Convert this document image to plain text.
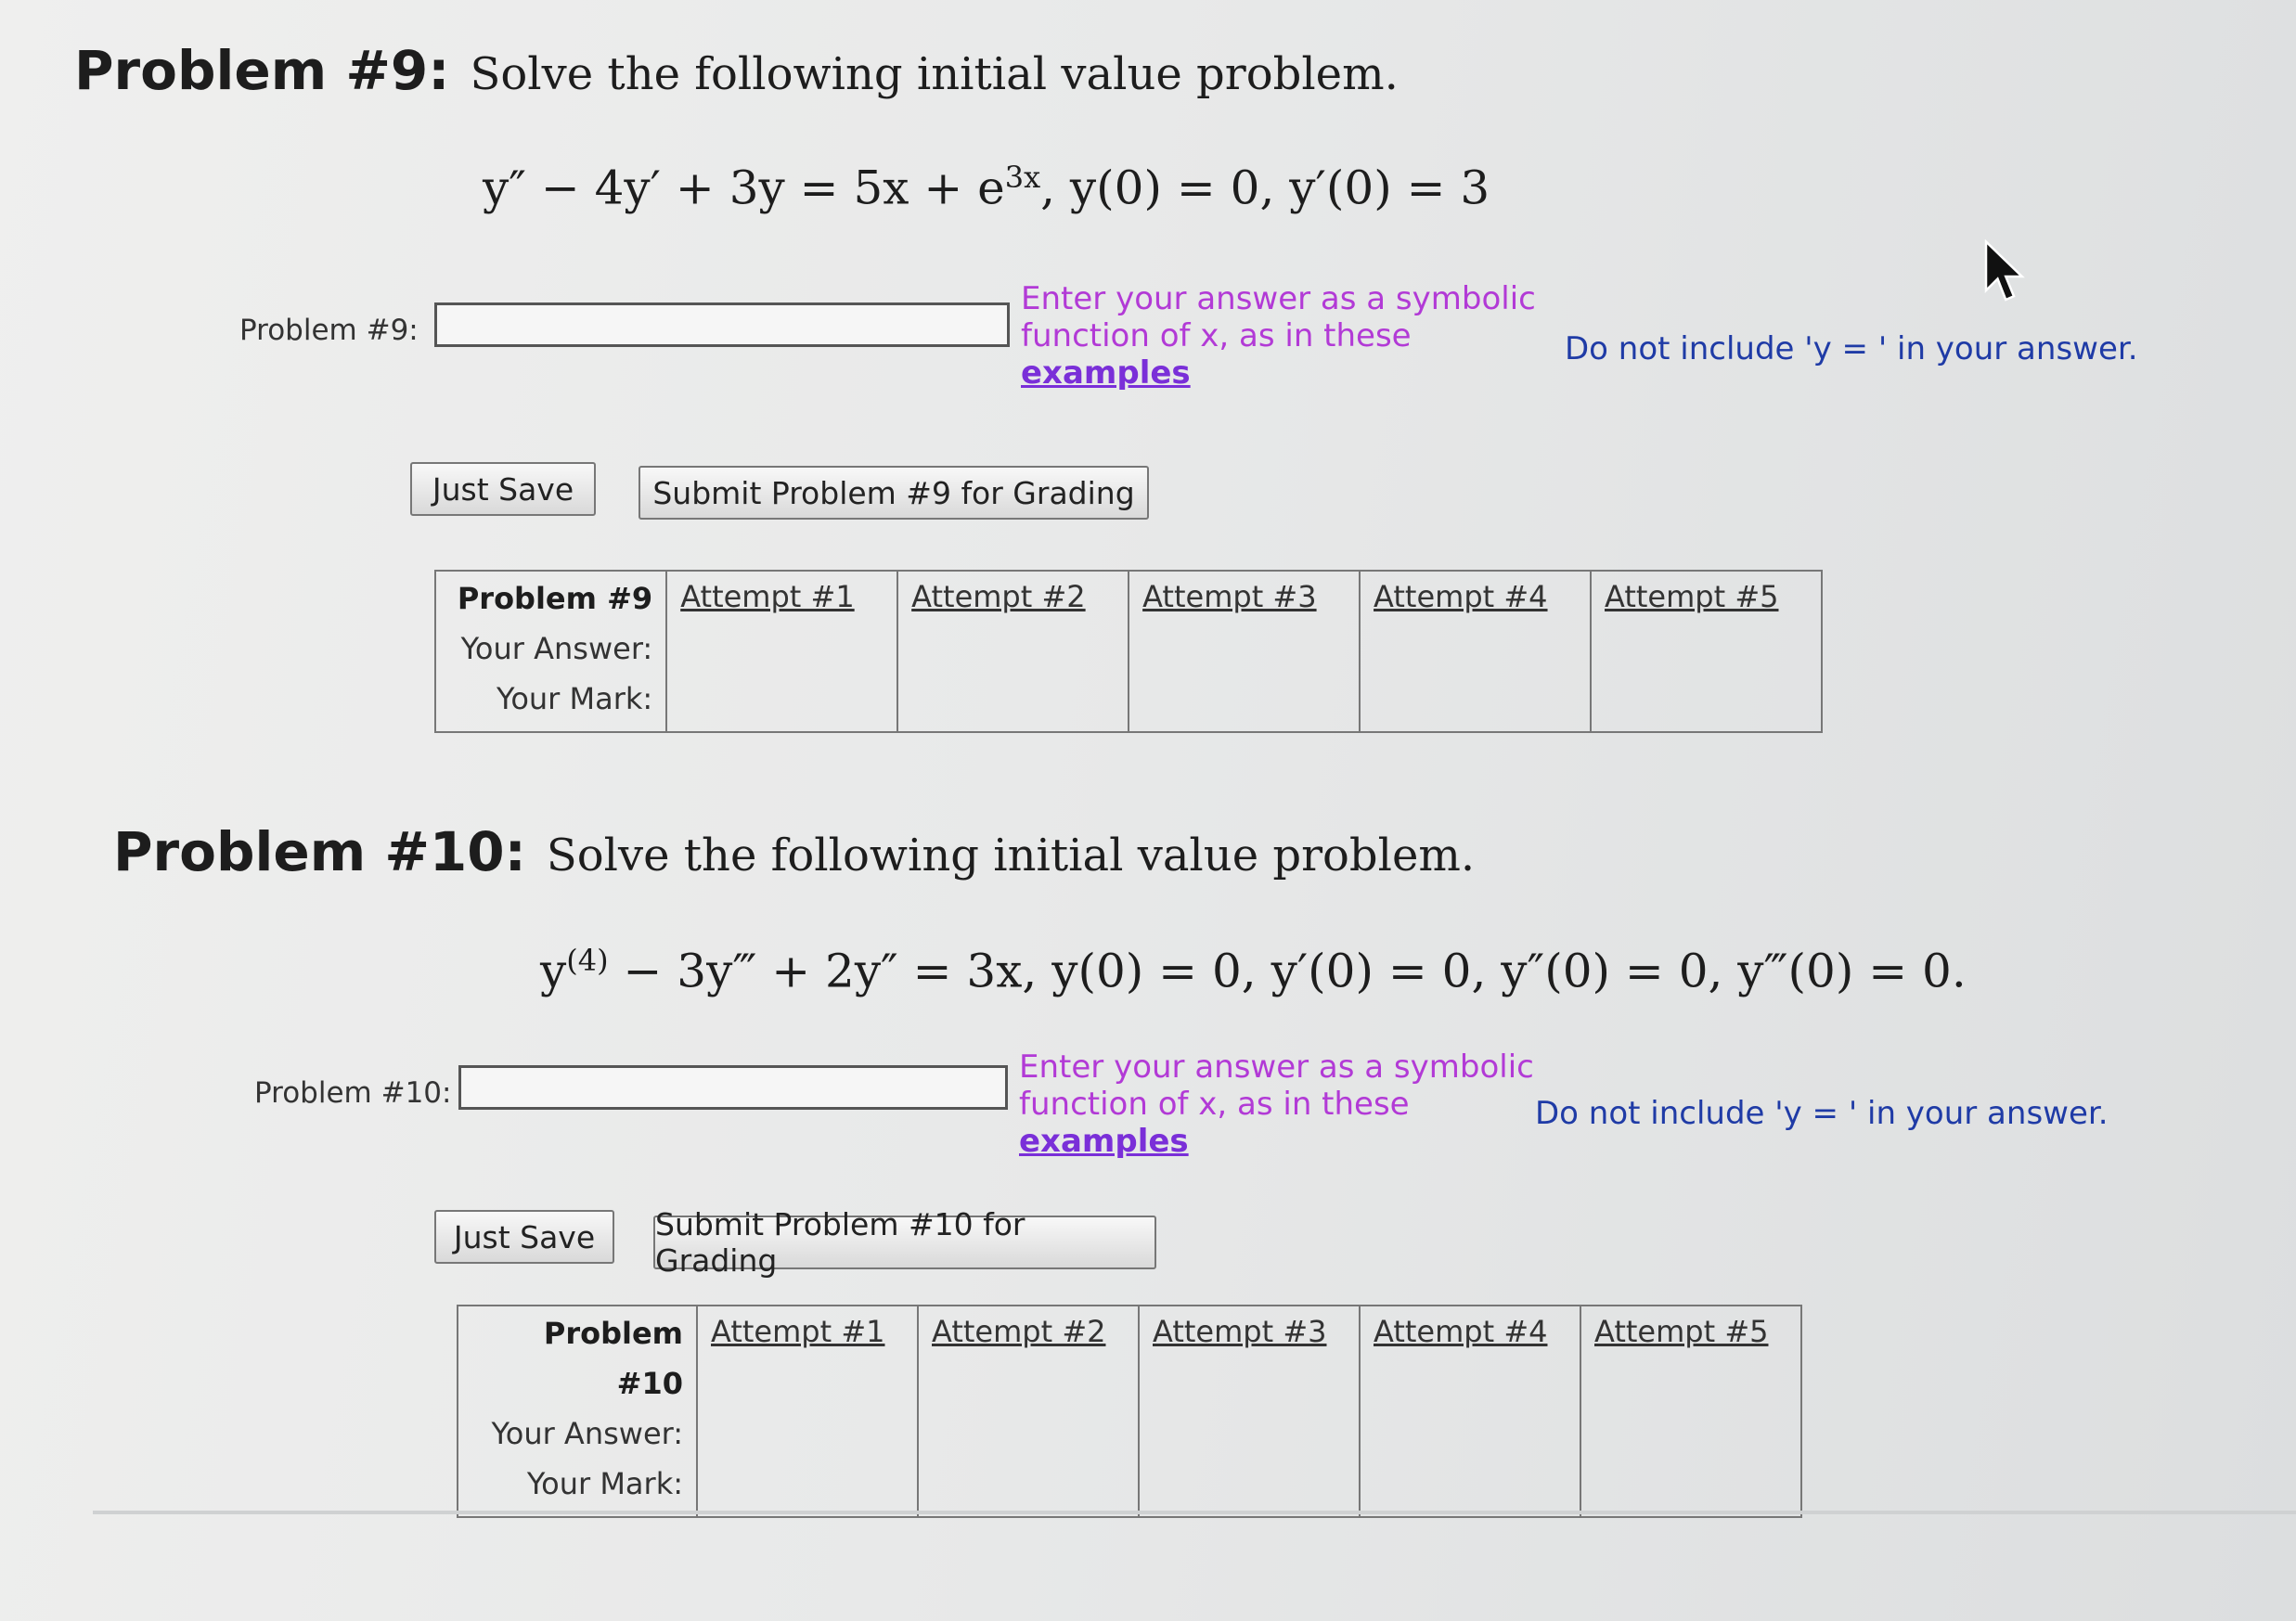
Problem #9: Solve the following initial value problem.
$y'' - 4y' + 3y = 5x + e^{3x}$, y(0) = 0, y′(0) = 3
Problem #9:
Enter your answer as a symbolic function of x, as in these
examples
Do not include 'y = ' in your answer.
Just Save	Submit Problem #9 for Grading
Problem #9
Your Answer:
Your Mark:

Attempt #1	Attempt #2	Attempt #3	Attempt #4	Attempt #5
Problem #10: Solve the following initial value problem.
$y^{(4)}$ − 3y‴ + 2y″ = 3x, y(0) = 0, y′(0) = 0, y″(0) = 0, y‴(0) = 0.
Problem #10:
Enter your answer as a symbolic function of x, as in these
examples
Do not include 'y = ' in your answer.
Just Save	Submit Problem #10 for Grading
Problem #10
Your Answer:
Your Mark:

Attempt #1	Attempt #2	Attempt #3	Attempt #4	Attempt #5
